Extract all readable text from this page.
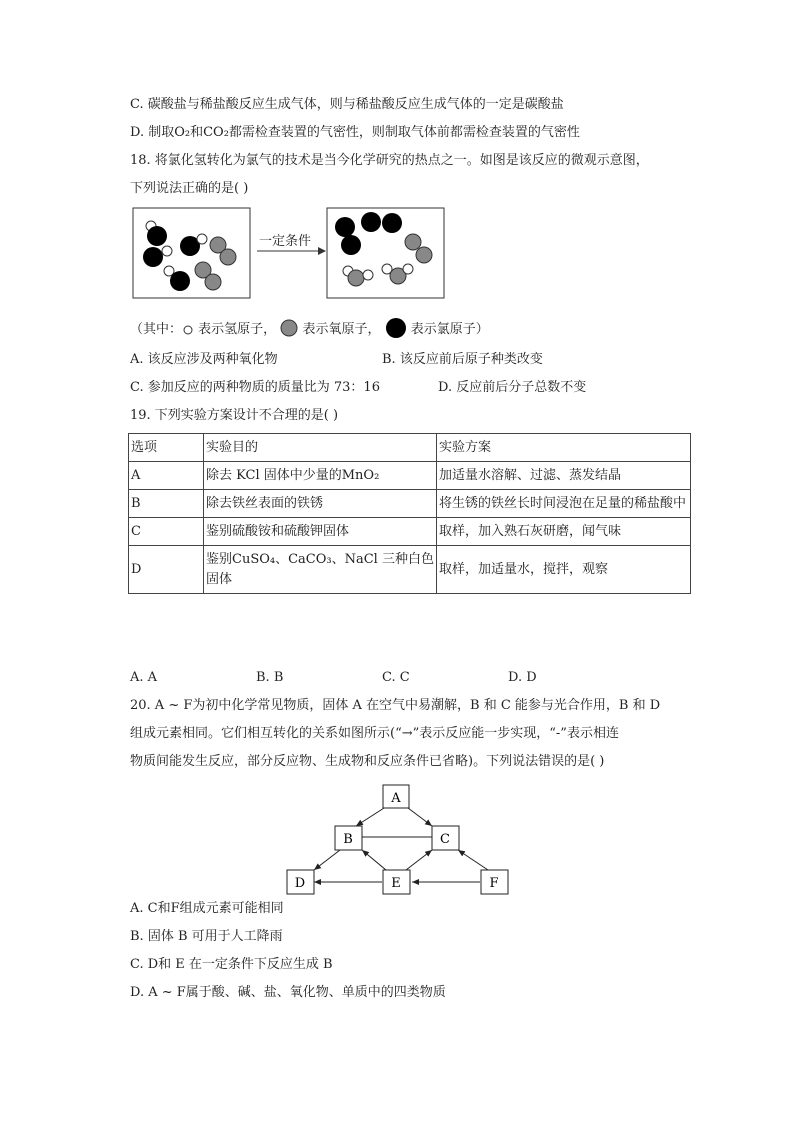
C. 碳酸盐与稀盐酸反应生成气体，则与稀盐酸反应生成气体的一定是碳酸盐
D. 制取O₂和CO₂都需检查装置的气密性，则制取气体前都需检查装置的气密性
18. 将氯化氢转化为氯气的技术是当今化学研究的热点之一。如图是该反应的微观示意图，
下列说法正确的是( )
一定条件
（其中： 表示氢原子， 表示氧原子， 表示氯原子）
A. 该反应涉及两种氧化物	B. 该反应前后原子种类改变
C. 参加反应的两种物质的质量比为 73：16	D. 反应前后分子总数不变
19. 下列实验方案设计不合理的是( )
选项	实验目的	实验方案
A	除去 KCl 固体中少量的MnO₂	加适量水溶解、过滤、蒸发结晶
B	除去铁丝表面的铁锈	将生锈的铁丝长时间浸泡在足量的稀盐酸中
C	鉴别硫酸铵和硫酸钾固体	取样，加入熟石灰研磨，闻气味
D	鉴别CuSO₄、CaCO₃、NaCl 三种白色固体	取样，加适量水，搅拌，观察
A. A	B. B	C. C	D. D
20. A ~ F为初中化学常见物质，固体 A 在空气中易潮解，B 和 C 能参与光合作用，B 和 D
组成元素相同。它们相互转化的关系如图所示(“→”表示反应能一步实现，“-”表示相连
物质间能发生反应，部分反应物、生成物和反应条件已省略)。下列说法错误的是( )
A
B	C
D	E	F
A. C和F组成元素可能相同
B. 固体 B 可用于人工降雨
C. D和 E 在一定条件下反应生成 B
D. A ~ F属于酸、碱、盐、氧化物、单质中的四类物质
